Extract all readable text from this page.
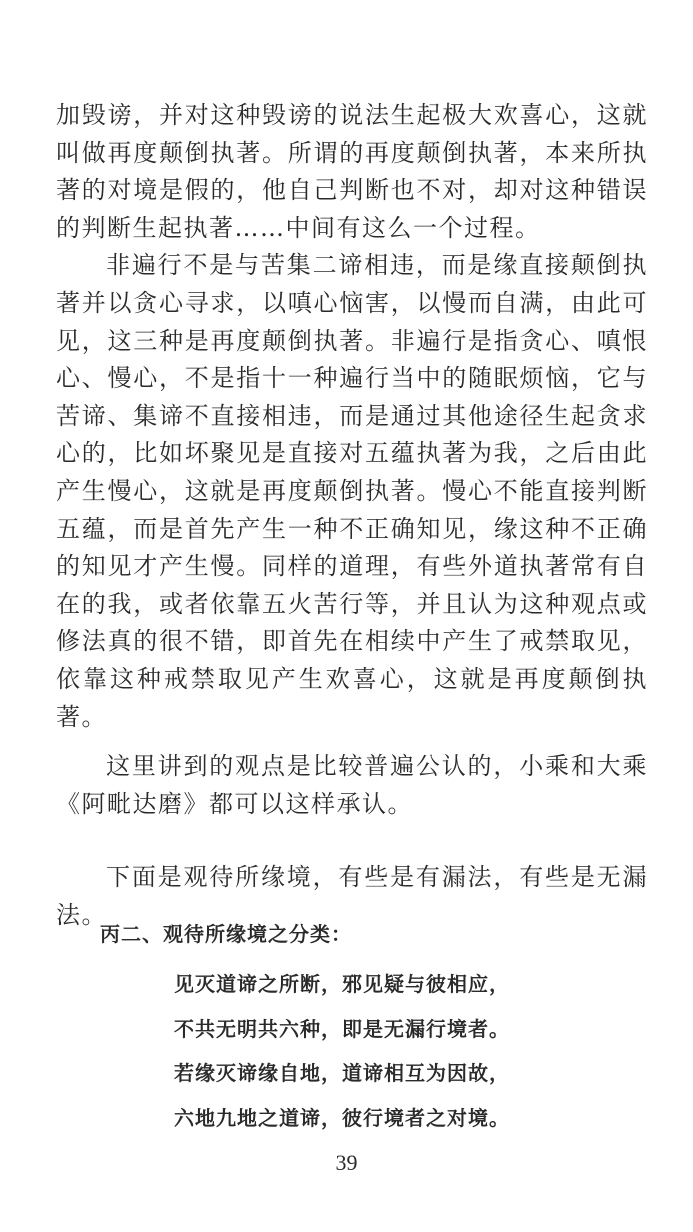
加毁谤，并对这种毁谤的说法生起极大欢喜心，这就叫做再度颠倒执著。所谓的再度颠倒执著，本来所执著的对境是假的，他自己判断也不对，却对这种错误的判断生起执著……中间有这么一个过程。

非遍行不是与苦集二谛相违，而是缘直接颠倒执著并以贪心寻求，以嗔心恼害，以慢而自满，由此可见，这三种是再度颠倒执著。非遍行是指贪心、嗔恨心、慢心，不是指十一种遍行当中的随眠烦恼，它与苦谛、集谛不直接相违，而是通过其他途径生起贪求心的，比如坏聚见是直接对五蕴执著为我，之后由此产生慢心，这就是再度颠倒执著。慢心不能直接判断五蕴，而是首先产生一种不正确知见，缘这种不正确的知见才产生慢。同样的道理，有些外道执著常有自在的我，或者依靠五火苦行等，并且认为这种观点或修法真的很不错，即首先在相续中产生了戒禁取见，依靠这种戒禁取见产生欢喜心，这就是再度颠倒执著。

这里讲到的观点是比较普遍公认的，小乘和大乘《阿毗达磨》都可以这样承认。

下面是观待所缘境，有些是有漏法，有些是无漏法。

丙二、观待所缘境之分类：
见灭道谛之所断，邪见疑与彼相应，
不共无明共六种，即是无漏行境者。
若缘灭谛缘自地，道谛相互为因故，
六地九地之道谛，彼行境者之对境。
39
